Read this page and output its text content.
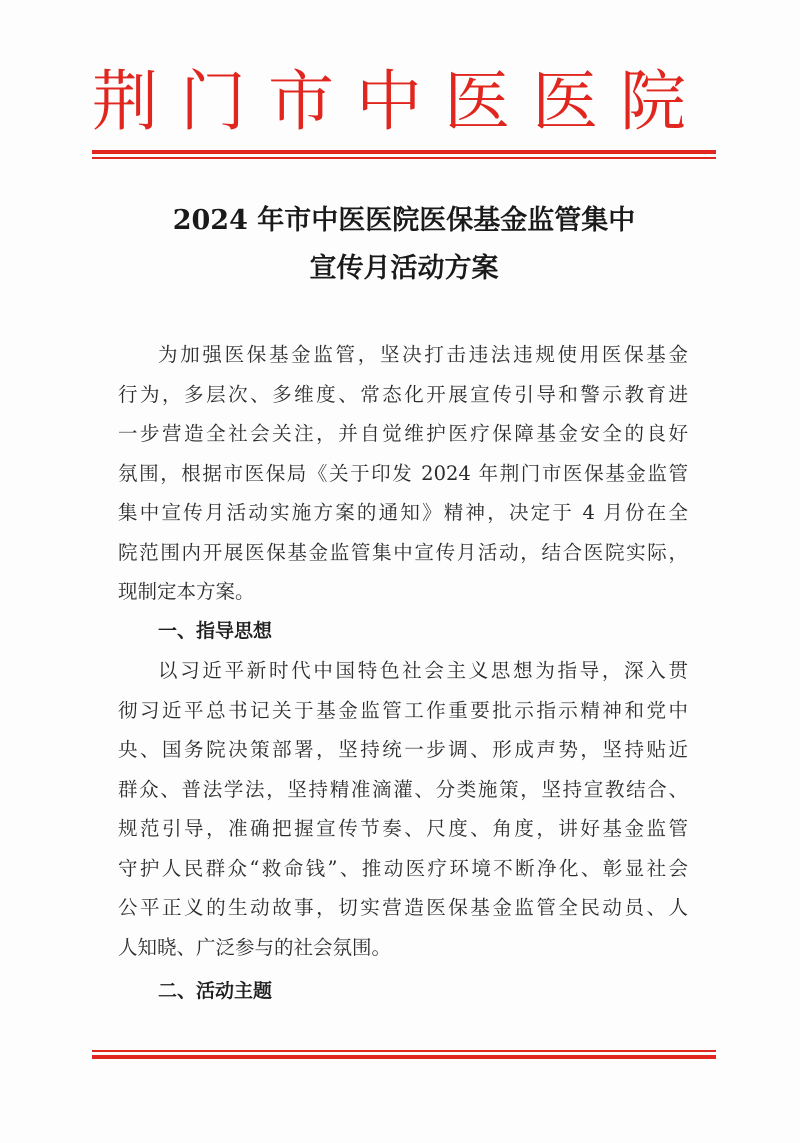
荆门市中医医院
2024 年市中医医院医保基金监管集中
宣传月活动方案
为加强医保基金监管，坚决打击违法违规使用医保基金
行为，多层次、多维度、常态化开展宣传引导和警示教育进
一步营造全社会关注，并自觉维护医疗保障基金安全的良好
氛围，根据市医保局《关于印发 2024 年荆门市医保基金监管
集中宣传月活动实施方案的通知》精神，决定于 4 月份在全
院范围内开展医保基金监管集中宣传月活动，结合医院实际，
现制定本方案。
一、指导思想
以习近平新时代中国特色社会主义思想为指导，深入贯
彻习近平总书记关于基金监管工作重要批示指示精神和党中
央、国务院决策部署，坚持统一步调、形成声势，坚持贴近
群众、普法学法，坚持精准滴灌、分类施策，坚持宣教结合、
规范引导，准确把握宣传节奏、尺度、角度，讲好基金监管
守护人民群众“救命钱”、推动医疗环境不断净化、彰显社会
公平正义的生动故事，切实营造医保基金监管全民动员、人
人知晓、广泛参与的社会氛围。
二、活动主题
